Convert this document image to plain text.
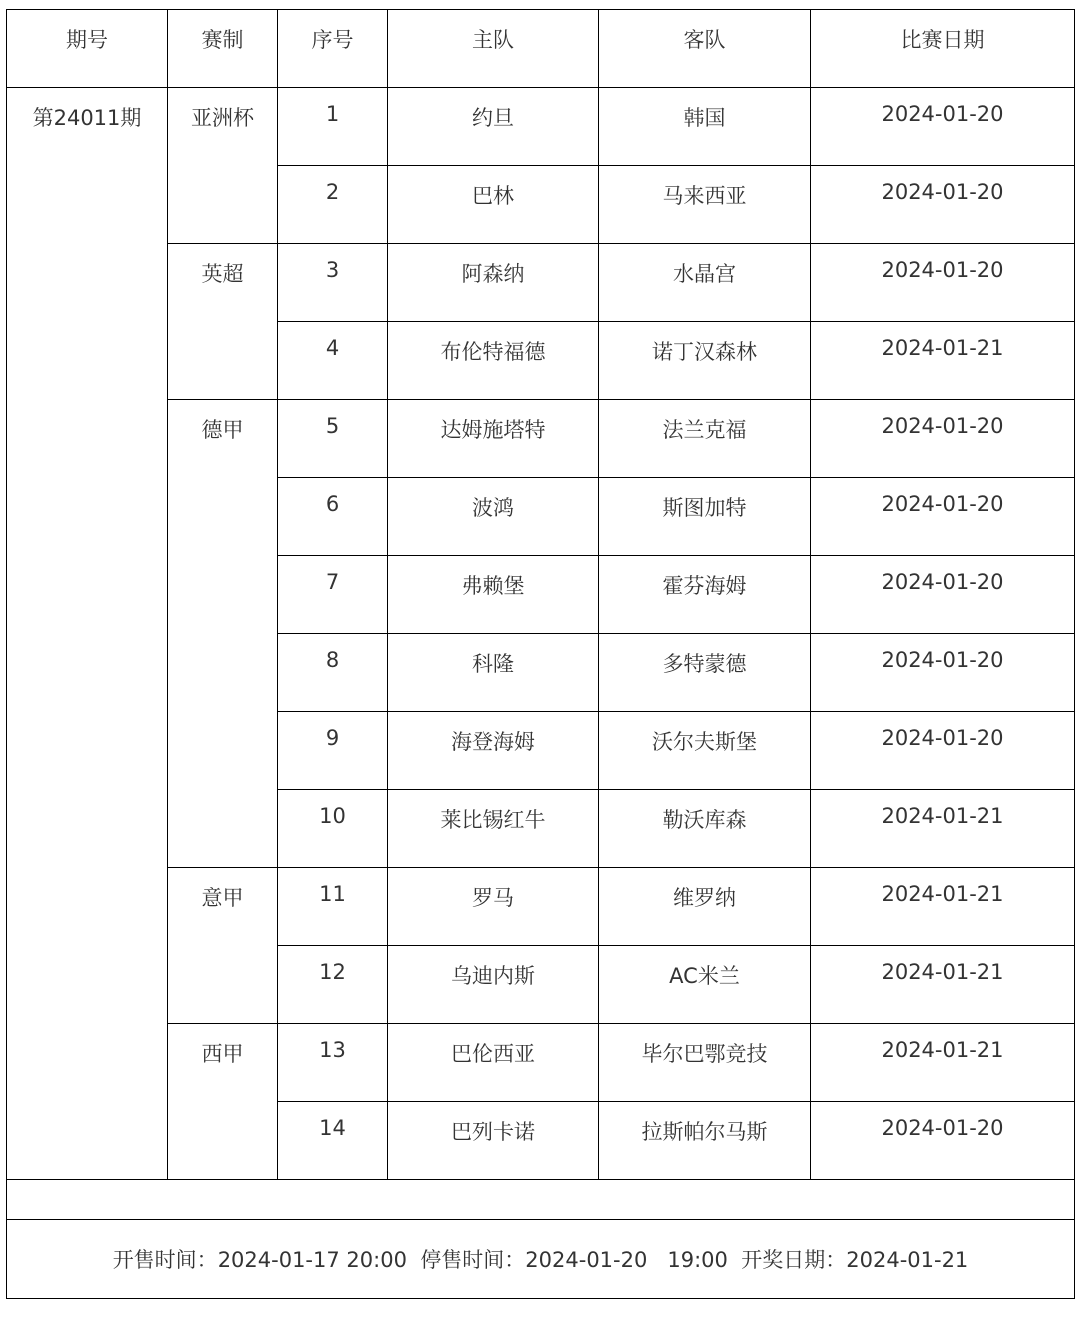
期号	赛制	序号	主队	客队	比赛日期
第24011期	亚洲杯	1	约旦	韩国	2024-01-20
		2	巴林	马来西亚	2024-01-20
	英超	3	阿森纳	水晶宫	2024-01-20
		4	布伦特福德	诺丁汉森林	2024-01-21
	德甲	5	达姆施塔特	法兰克福	2024-01-20
		6	波鸿	斯图加特	2024-01-20
		7	弗赖堡	霍芬海姆	2024-01-20
		8	科隆	多特蒙德	2024-01-20
		9	海登海姆	沃尔夫斯堡	2024-01-20
		10	莱比锡红牛	勒沃库森	2024-01-21
	意甲	11	罗马	维罗纳	2024-01-21
		12	乌迪内斯	AC米兰	2024-01-21
	西甲	13	巴伦西亚	毕尔巴鄂竞技	2024-01-21
		14	巴列卡诺	拉斯帕尔马斯	2024-01-20

开售时间：2024-01-17 20:00 停售时间：2024-01-20   19:00 开奖日期：2024-01-21					
